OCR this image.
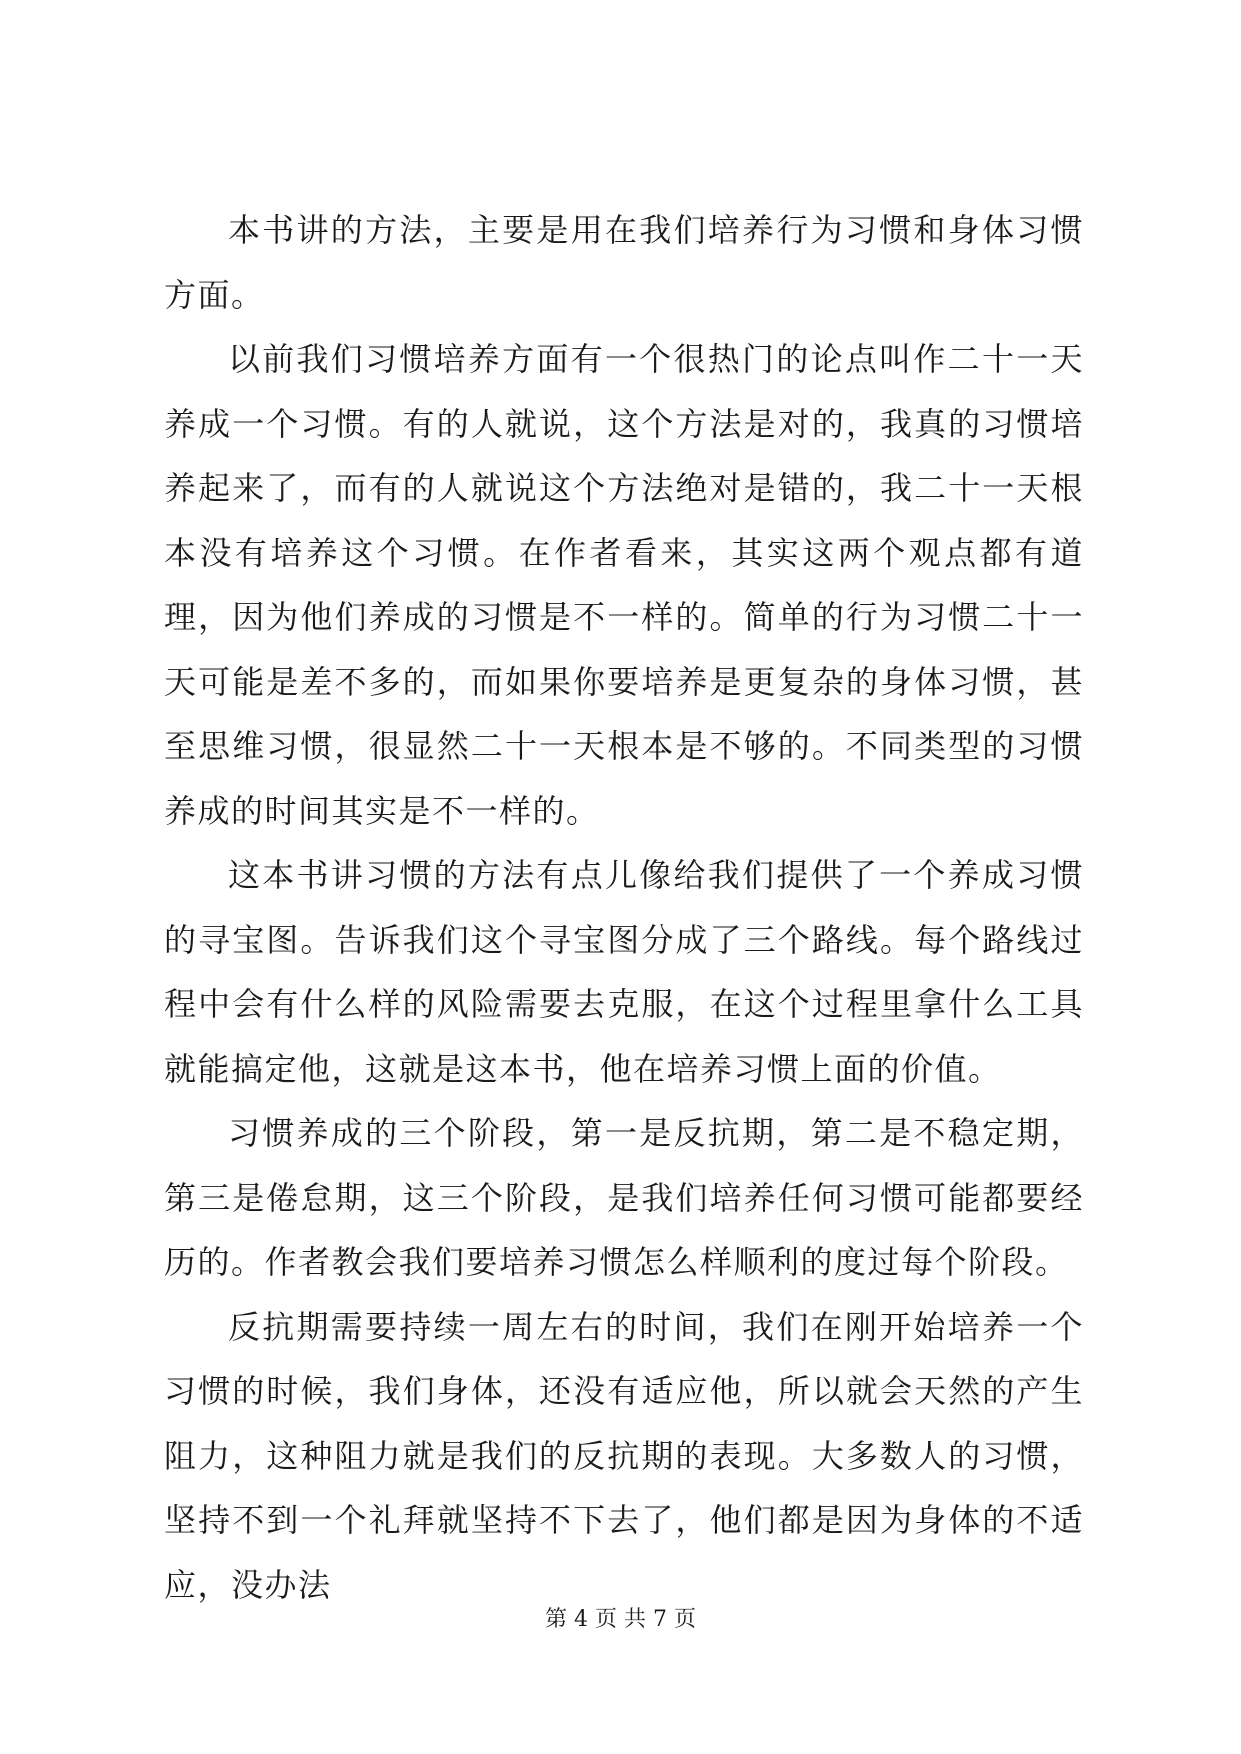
本书讲的方法，主要是用在我们培养行为习惯和身体习惯方面。

以前我们习惯培养方面有一个很热门的论点叫作二十一天养成一个习惯。有的人就说，这个方法是对的，我真的习惯培养起来了，而有的人就说这个方法绝对是错的，我二十一天根本没有培养这个习惯。在作者看来，其实这两个观点都有道理，因为他们养成的习惯是不一样的。简单的行为习惯二十一天可能是差不多的，而如果你要培养是更复杂的身体习惯，甚至思维习惯，很显然二十一天根本是不够的。不同类型的习惯养成的时间其实是不一样的。

这本书讲习惯的方法有点儿像给我们提供了一个养成习惯的寻宝图。告诉我们这个寻宝图分成了三个路线。每个路线过程中会有什么样的风险需要去克服，在这个过程里拿什么工具就能搞定他，这就是这本书，他在培养习惯上面的价值。

习惯养成的三个阶段，第一是反抗期，第二是不稳定期，第三是倦怠期，这三个阶段，是我们培养任何习惯可能都要经历的。作者教会我们要培养习惯怎么样顺利的度过每个阶段。

反抗期需要持续一周左右的时间，我们在刚开始培养一个习惯的时候，我们身体，还没有适应他，所以就会天然的产生阻力，这种阻力就是我们的反抗期的表现。大多数人的习惯，坚持不到一个礼拜就坚持不下去了，他们都是因为身体的不适应，没办法

第 4 页 共 7 页
